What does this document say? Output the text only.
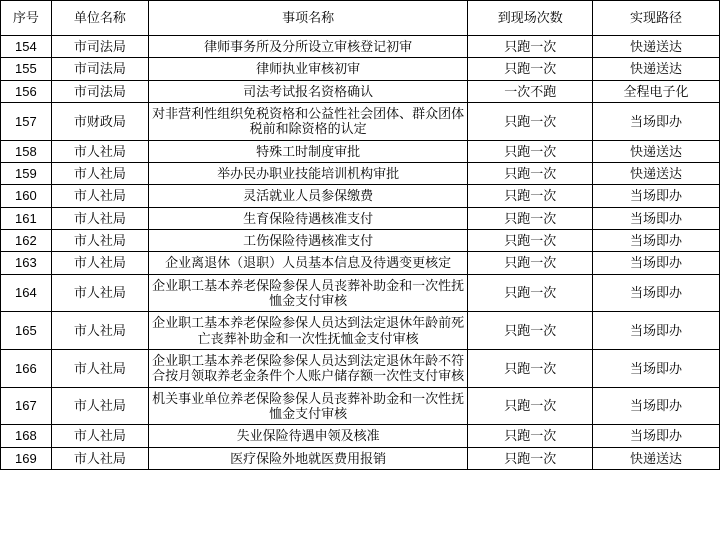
序号	单位名称	事项名称	到现场次数	实现路径
154	市司法局	律师事务所及分所设立审核登记初审	只跑一次	快递送达
155	市司法局	律师执业审核初审	只跑一次	快递送达
156	市司法局	司法考试报名资格确认	一次不跑	全程电子化
157	市财政局	对非营利性组织免税资格和公益性社会团体、群众团体税前和除资格的认定	只跑一次	当场即办
158	市人社局	特殊工时制度审批	只跑一次	快递送达
159	市人社局	举办民办职业技能培训机构审批	只跑一次	快递送达
160	市人社局	灵活就业人员参保缴费	只跑一次	当场即办
161	市人社局	生育保险待遇核准支付	只跑一次	当场即办
162	市人社局	工伤保险待遇核准支付	只跑一次	当场即办
163	市人社局	企业离退休（退职）人员基本信息及待遇变更核定	只跑一次	当场即办
164	市人社局	企业职工基本养老保险参保人员丧葬补助金和一次性抚恤金支付审核	只跑一次	当场即办
165	市人社局	企业职工基本养老保险参保人员达到法定退休年龄前死亡丧葬补助金和一次性抚恤金支付审核	只跑一次	当场即办
166	市人社局	企业职工基本养老保险参保人员达到法定退休年龄不符合按月领取养老金条件个人账户储存额一次性支付审核	只跑一次	当场即办
167	市人社局	机关事业单位养老保险参保人员丧葬补助金和一次性抚恤金支付审核	只跑一次	当场即办
168	市人社局	失业保险待遇申领及核准	只跑一次	当场即办
169	市人社局	医疗保险外地就医费用报销	只跑一次	快递送达
